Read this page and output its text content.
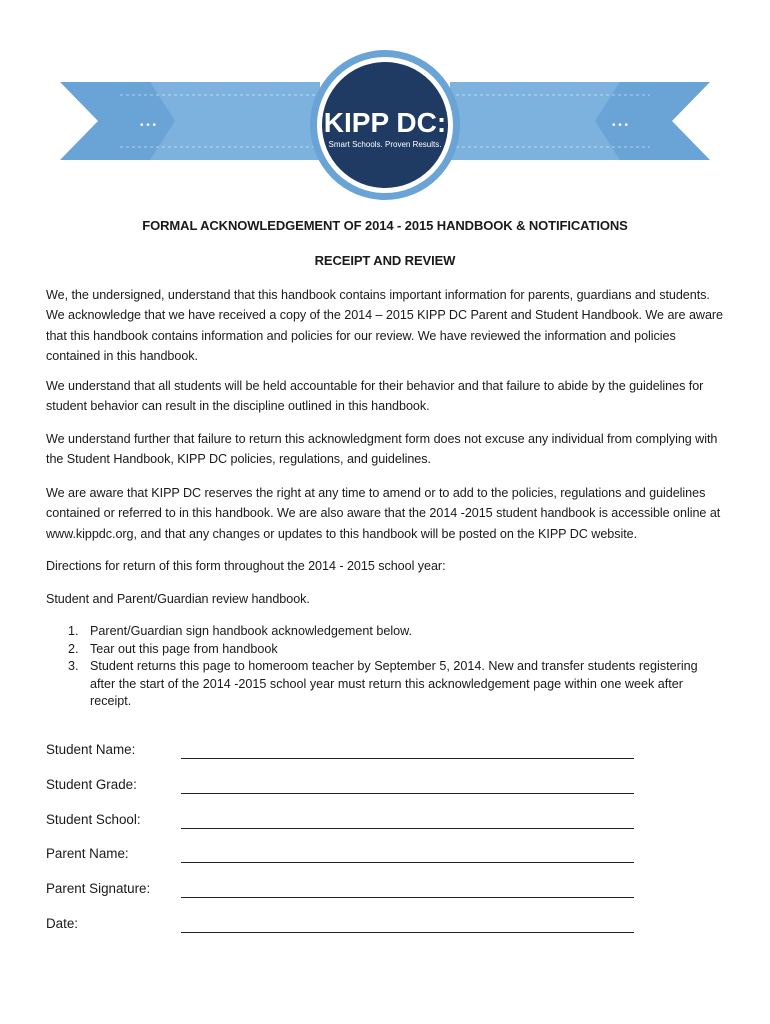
• • •	• • •
KIPP DC:
Smart Schools. Proven Results.
FORMAL ACKNOWLEDGEMENT OF 2014 - 2015 HANDBOOK & NOTIFICATIONS
RECEIPT AND REVIEW

We, the undersigned, understand that this handbook contains important information for parents, guardians and students. We acknowledge that we have received a copy of the 2014 – 2015 KIPP DC Parent and Student Handbook. We are aware that this handbook contains information and policies for our review. We have reviewed the information and policies contained in this handbook.

We understand that all students will be held accountable for their behavior and that failure to abide by the guidelines for student behavior can result in the discipline outlined in this handbook.

We understand further that failure to return this acknowledgment form does not excuse any individual from complying with the Student Handbook, KIPP DC policies, regulations, and guidelines.

We are aware that KIPP DC reserves the right at any time to amend or to add to the policies, regulations and guidelines contained or referred to in this handbook. We are also aware that the 2014 -2015 student handbook is accessible online at www.kippdc.org, and that any changes or updates to this handbook will be posted on the KIPP DC website.

Directions for return of this form throughout the 2014 - 2015 school year:

Student and Parent/Guardian review handbook.

1. Parent/Guardian sign handbook acknowledgement below.
2. Tear out this page from handbook
3. Student returns this page to homeroom teacher by September 5, 2014. New and transfer students registering after the start of the 2014 -2015 school year must return this acknowledgement page within one week after receipt.
Student Name:
Student Grade:
Student School:
Parent Name:
Parent Signature:
Date:
